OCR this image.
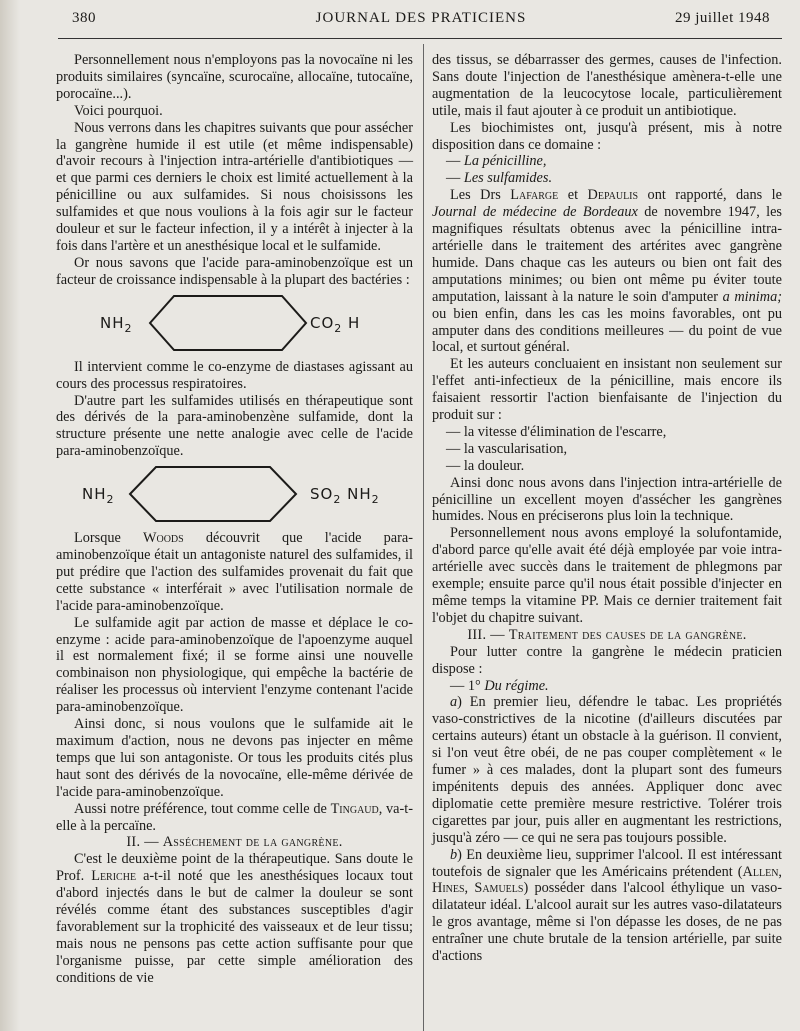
380	JOURNAL DES PRATICIENS	29 juillet 1948

Personnellement nous n'employons pas la novocaïne ni les produits similaires (syncaïne, scurocaïne, allocaïne, tutocaïne, porocaïne...).

Voici pourquoi.

Nous verrons dans les chapitres suivants que pour assécher la gangrène humide il est utile (et même indispensable) d'avoir recours à l'injection intra-artérielle d'antibiotiques — et que parmi ces derniers le choix est limité actuellement à la pénicilline ou aux sulfamides. Si nous choisissons les sulfamides et que nous voulions à la fois agir sur le facteur douleur et sur le facteur infection, il y a intérêt à injecter à la fois dans l'artère et un anesthésique local et le sulfamide.

Or nous savons que l'acide para-aminobenzoïque est un facteur de croissance indispensable à la plupart des bactéries :

$NH_2$	$CO_2$ H

Il intervient comme le co-enzyme de diastases agissant au cours des processus respiratoires.

D'autre part les sulfamides utilisés en thérapeutique sont des dérivés de la para-aminobenzène sulfamide, dont la structure présente une nette analogie avec celle de l'acide para-aminobenzoïque.

$NH_2$	$SO_2$ $NH_2$

Lorsque Woods découvrit que l'acide para-aminobenzoïque était un antagoniste naturel des sulfamides, il put prédire que l'action des sulfamides provenait du fait que cette substance « interférait » avec l'utilisation normale de l'acide para-aminobenzoïque.

Le sulfamide agit par action de masse et déplace le co-enzyme : acide para-aminobenzoïque de l'apoenzyme auquel il est normalement fixé; il se forme ainsi une nouvelle combinaison non physiologique, qui empêche la bactérie de réaliser les processus où intervient l'enzyme contenant l'acide para-aminobenzoïque.

Ainsi donc, si nous voulons que le sulfamide ait le maximum d'action, nous ne devons pas injecter en même temps que lui son antagoniste. Or tous les produits cités plus haut sont des dérivés de la novocaïne, elle-même dérivée de l'acide para-aminobenzoïque.

Aussi notre préférence, tout comme celle de Tingaud, va-t-elle à la percaïne.

II. — Asséchement de la gangrène.

C'est le deuxième point de la thérapeutique. Sans doute le Prof. Leriche a-t-il noté que les anesthésiques locaux tout d'abord injectés dans le but de calmer la douleur se sont révélés comme étant des substances susceptibles d'agir favorablement sur la trophicité des vaisseaux et de leur tissu; mais nous ne pensons pas cette action suffisante pour que l'organisme puisse, par cette simple amélioration des conditions de vie

des tissus, se débarrasser des germes, causes de l'infection. Sans doute l'injection de l'anesthésique amènera-t-elle une augmentation de la leucocytose locale, particulièrement utile, mais il faut ajouter à ce produit un antibiotique.

Les biochimistes ont, jusqu'à présent, mis à notre disposition dans ce domaine :

— La pénicilline,

— Les sulfamides.

Les Drs Lafarge et Depaulis ont rapporté, dans le Journal de médecine de Bordeaux de novembre 1947, les magnifiques résultats obtenus avec la pénicilline intra-artérielle dans le traitement des artérites avec gangrène humide. Dans chaque cas les auteurs ou bien ont fait des amputations minimes; ou bien ont même pu éviter toute amputation, laissant à la nature le soin d'amputer a minima; ou bien enfin, dans les cas les moins favorables, ont pu amputer dans des conditions meilleures — du point de vue local, et surtout général.

Et les auteurs concluaient en insistant non seulement sur l'effet anti-infectieux de la pénicilline, mais encore ils faisaient ressortir l'action bienfaisante de l'injection du produit sur :

— la vitesse d'élimination de l'escarre,

— la vascularisation,

— la douleur.

Ainsi donc nous avons dans l'injection intra-artérielle de pénicilline un excellent moyen d'assécher les gangrènes humides. Nous en préciserons plus loin la technique.

Personnellement nous avons employé la solufontamide, d'abord parce qu'elle avait été déjà employée par voie intra-artérielle avec succès dans le traitement de phlegmons par exemple; ensuite parce qu'il nous était possible d'injecter en même temps la vitamine PP. Mais ce dernier traitement fait l'objet du chapitre suivant.

III. — Traitement des causes de la gangrène.

Pour lutter contre la gangrène le médecin praticien dispose :

— 1° Du régime.

a) En premier lieu, défendre le tabac. Les propriétés vaso-constrictives de la nicotine (d'ailleurs discutées par certains auteurs) étant un obstacle à la guérison. Il convient, si l'on veut être obéi, de ne pas couper complètement « le fumer » à ces malades, dont la plupart sont des fumeurs impénitents depuis des années. Appliquer donc avec diplomatie cette première mesure restrictive. Tolérer trois cigarettes par jour, puis aller en augmentant les restrictions, jusqu'à zéro — ce qui ne sera pas toujours possible.

b) En deuxième lieu, supprimer l'alcool. Il est intéressant toutefois de signaler que les Américains prétendent (Allen, Hines, Samuels) posséder dans l'alcool éthylique un vaso-dilatateur idéal. L'alcool aurait sur les autres vaso-dilatateurs le gros avantage, même si l'on dépasse les doses, de ne pas entraîner une chute brutale de la tension artérielle, par suite d'actions
